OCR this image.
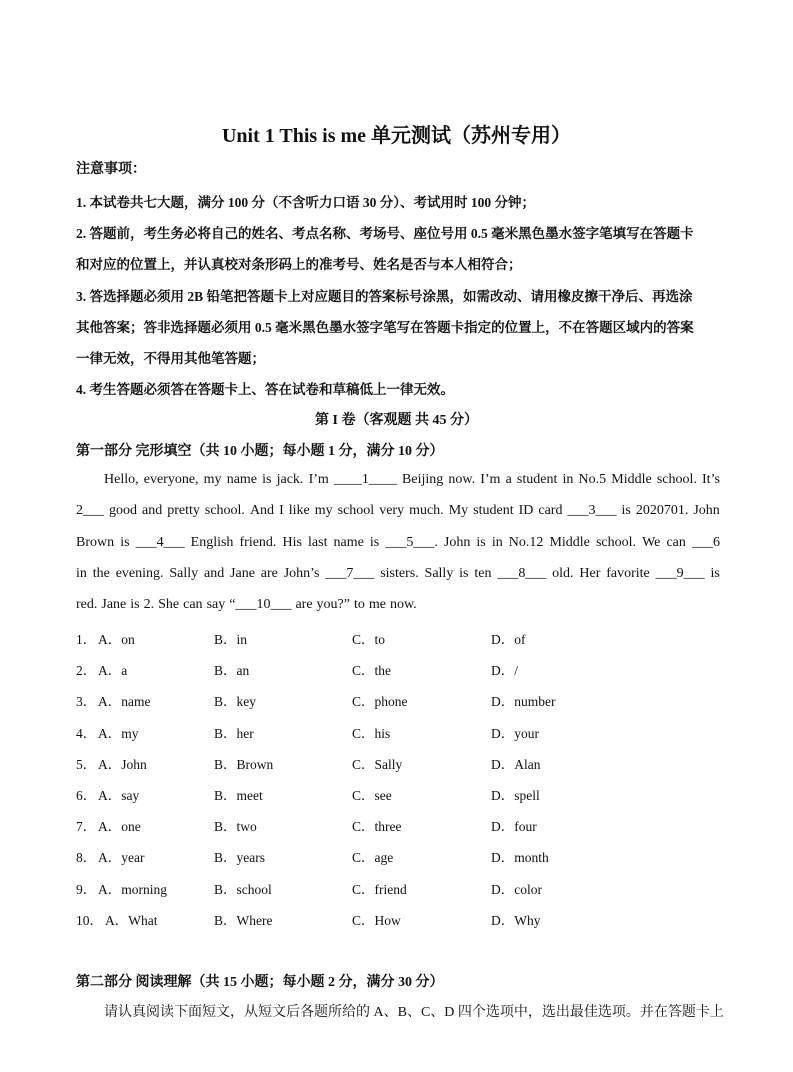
Unit 1 This is me 单元测试（苏州专用）
注意事项：
1. 本试卷共七大题，满分 100 分（不含听力口语 30 分）、考试用时 100 分钟；
2. 答题前，考生务必将自己的姓名、考点名称、考场号、座位号用 0.5 毫米黑色墨水签字笔填写在答题卡
和对应的位置上，并认真校对条形码上的准考号、姓名是否与本人相符合；
3. 答选择题必须用 2B 铅笔把答题卡上对应题目的答案标号涂黑，如需改动、请用橡皮擦干净后、再选涂
其他答案；答非选择题必须用 0.5 毫米黑色墨水签字笔写在答题卡指定的位置上，不在答题区域内的答案
一律无效，不得用其他笔答题；
4. 考生答题必须答在答题卡上、答在试卷和草稿低上一律无效。
第 I 卷（客观题 共 45 分）
第一部分 完形填空（共 10 小题；每小题 1 分，满分 10 分）
Hello, everyone, my name is jack. I’m ____1____ Beijing now. I’m a student in No.5 Middle school. It’s
2___ good and pretty school. And I like my school very much. My student ID card ___3___ is 2020701. John
Brown is ___4___ English friend. His last name is ___5___. John is in No.12 Middle school. We can ___6
in the evening. Sally and Jane are John’s ___7___ sisters. Sally is ten ___8___ old. Her favorite ___9___ is
red. Jane is 2. She can say “___10___ are you?” to me now.
1． A．on	B．in	C．to	D．of
2． A．a	B．an	C．the	D．/
3． A．name	B．key	C．phone	D．number
4． A．my	B．her	C．his	D．your
5． A．John	B．Brown	C．Sally	D．Alan
6． A．say	B．meet	C．see	D．spell
7． A．one	B．two	C．three	D．four
8． A．year	B．years	C．age	D．month
9． A．morning	B．school	C．friend	D．color
10． A．What	B．Where	C．How	D．Why
第二部分 阅读理解（共 15 小题；每小题 2 分，满分 30 分）
请认真阅读下面短文，从短文后各题所给的 A、B、C、D 四个选项中，选出最佳选项。并在答题卡上
